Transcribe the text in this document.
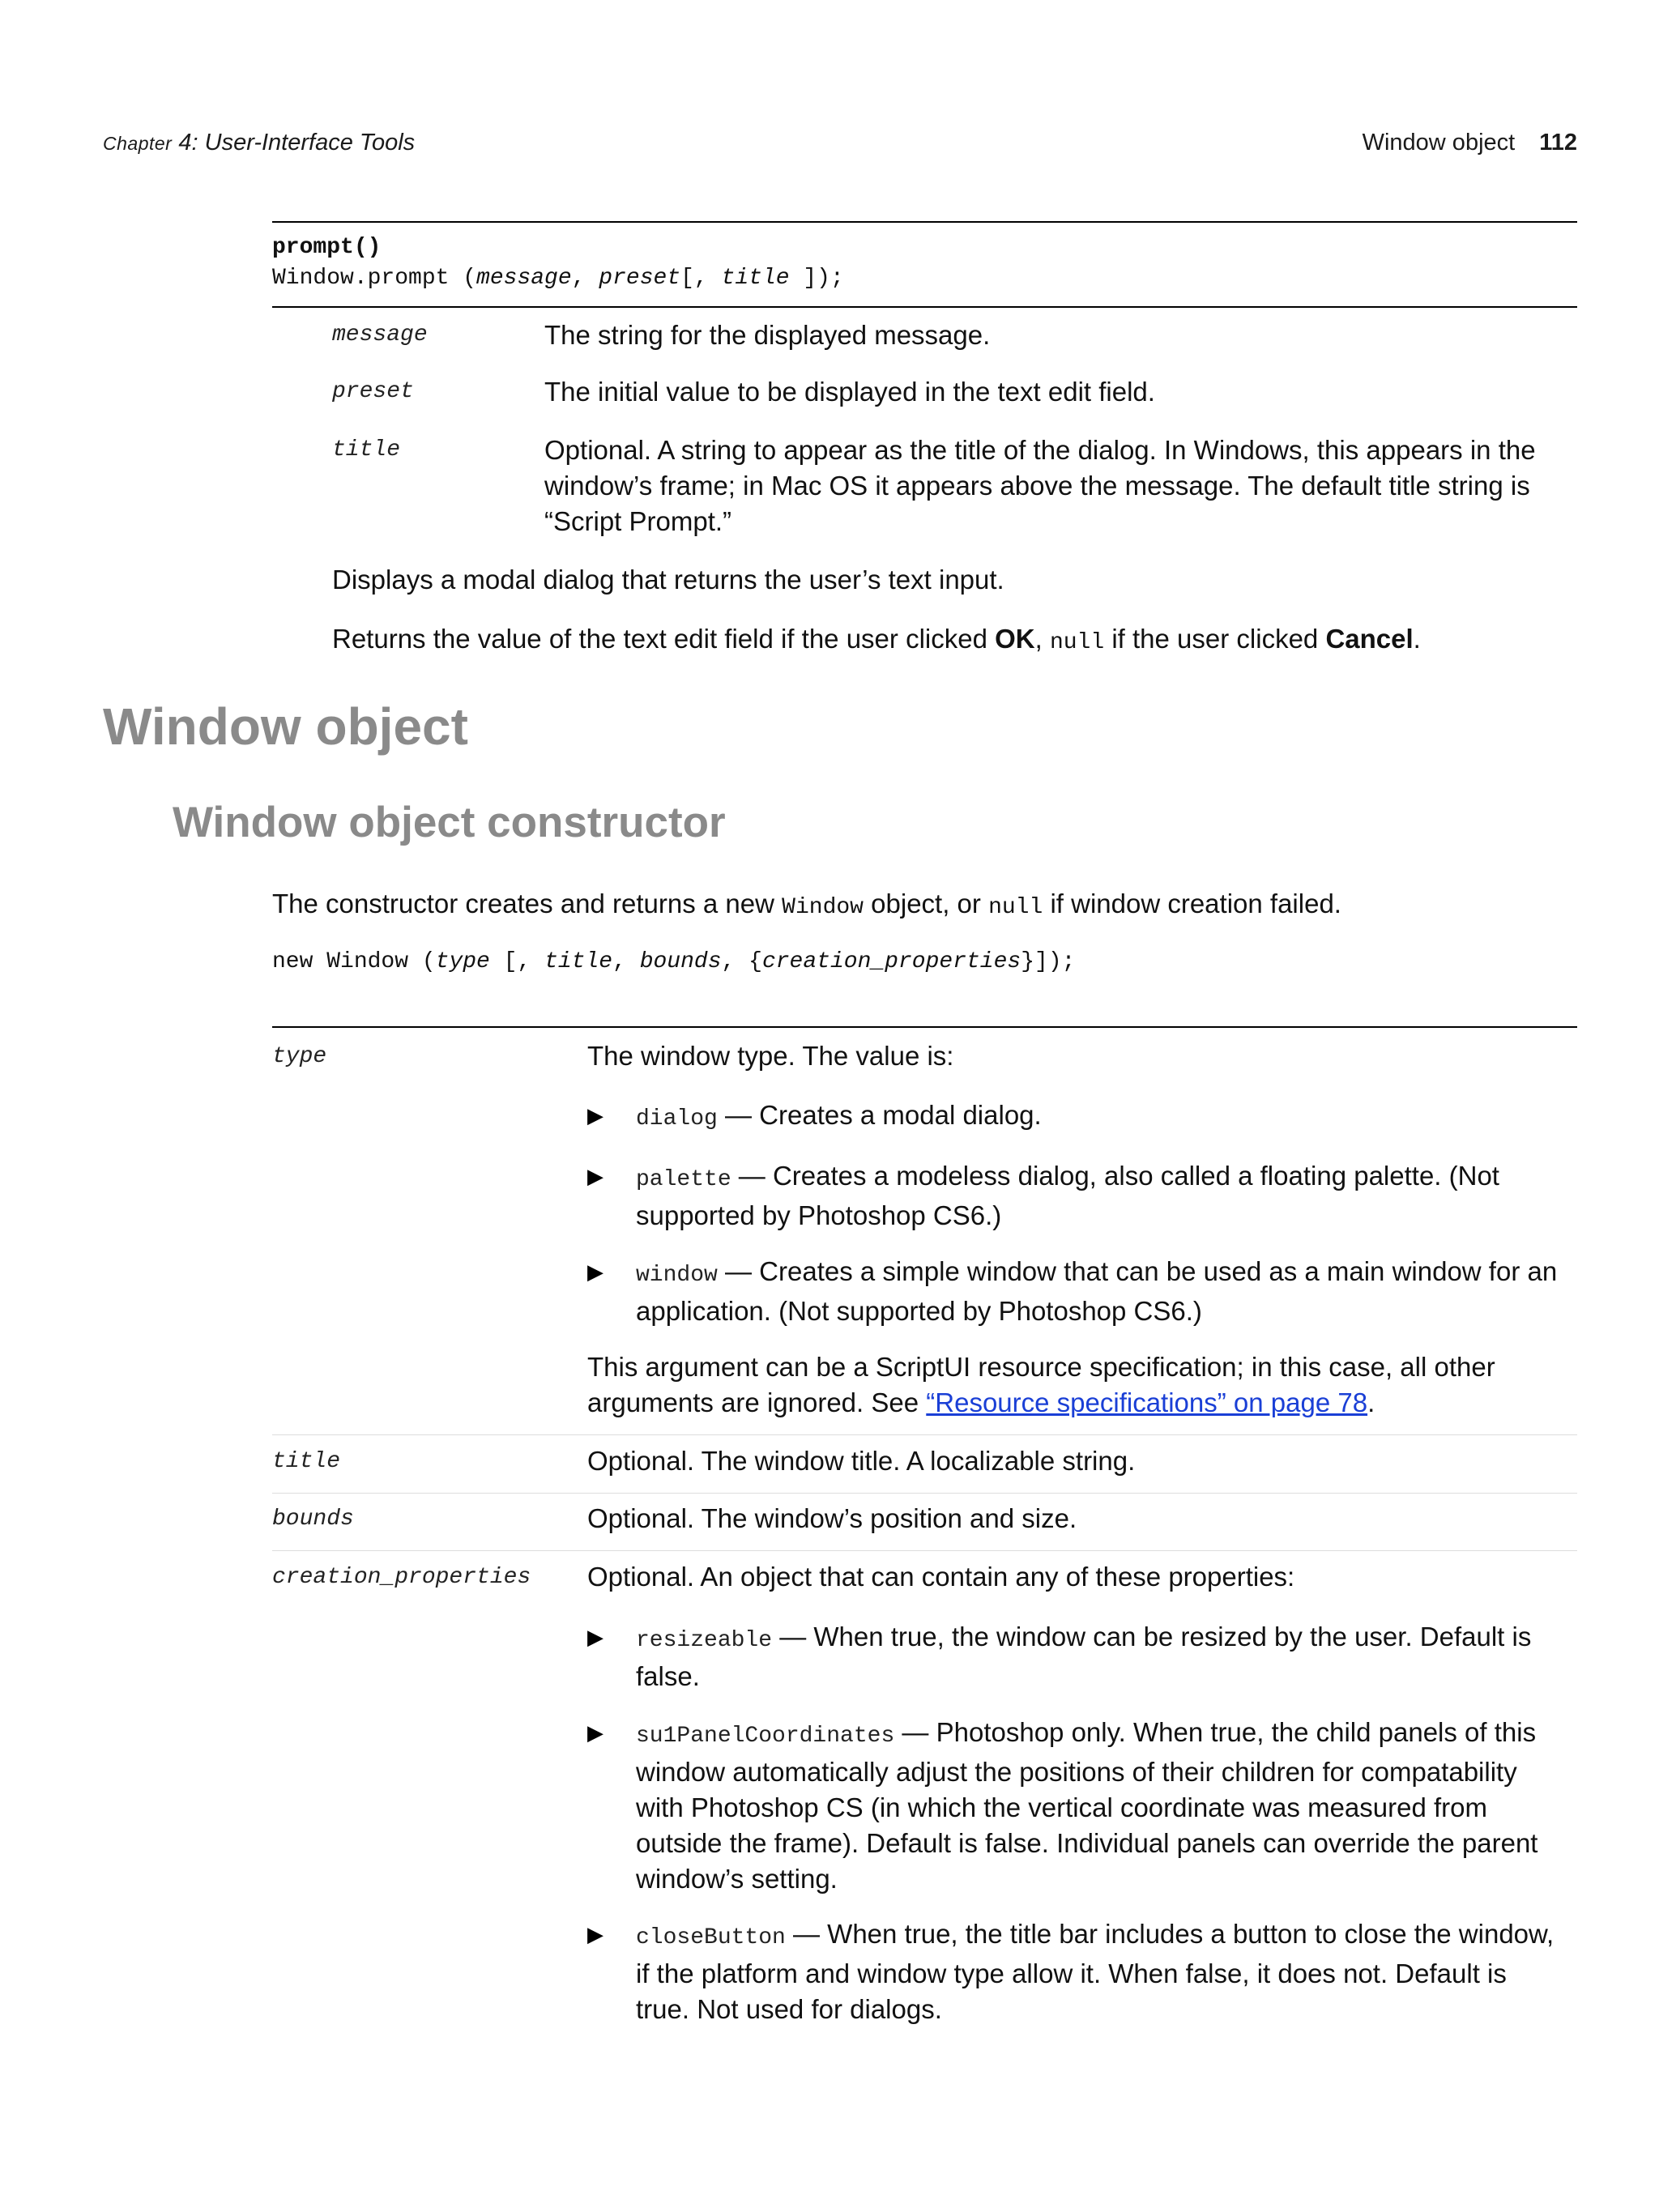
Chapter 4: User-Interface Tools	Window object 112
prompt()
Window.prompt (message, preset[, title ]);
message	The string for the displayed message.
preset	The initial value to be displayed in the text edit field.
title	Optional. A string to appear as the title of the dialog. In Windows, this appears in the window’s frame; in Mac OS it appears above the message. The default title string is “Script Prompt.”
Displays a modal dialog that returns the user’s text input.
Returns the value of the text edit field if the user clicked OK, null if the user clicked Cancel.
Window object
Window object constructor
The constructor creates and returns a new Window object, or null if window creation failed.
new Window (type [, title, bounds, {creation_properties}]);
type	The window type. The value is:
▶	dialog — Creates a modal dialog.
▶	palette — Creates a modeless dialog, also called a floating palette. (Not supported by Photoshop CS6.)
▶	window — Creates a simple window that can be used as a main window for an application. (Not supported by Photoshop CS6.)
This argument can be a ScriptUI resource specification; in this case, all other arguments are ignored. See “Resource specifications” on page 78.
title	Optional. The window title. A localizable string.
bounds	Optional. The window’s position and size.
creation_properties Optional. An object that can contain any of these properties:
▶	resizeable — When true, the window can be resized by the user. Default is false.
▶	su1PanelCoordinates — Photoshop only. When true, the child panels of this window automatically adjust the positions of their children for compatability with Photoshop CS (in which the vertical coordinate was measured from outside the frame). Default is false. Individual panels can override the parent window’s setting.
▶	closeButton — When true, the title bar includes a button to close the window, if the platform and window type allow it. When false, it does not. Default is true. Not used for dialogs.
